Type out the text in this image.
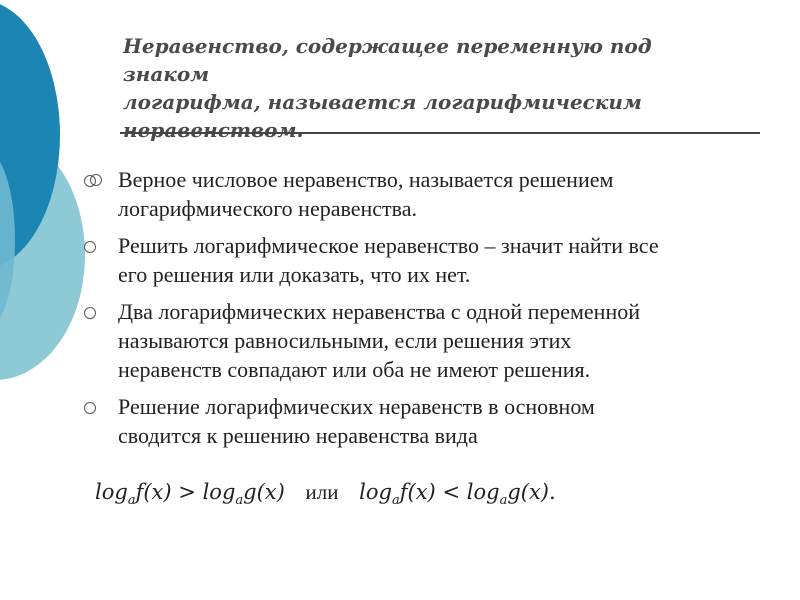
Неравенство, содержащее переменную под знаком
логарифма, называется логарифмическим
неравенством.
Верное числовое неравенство, называется решением
логарифмического неравенства.
Решить логарифмическое неравенство – значит найти все
его решения или доказать, что их нет.
Два логарифмических неравенства с одной переменной
называются равносильными, если решения этих
неравенств совпадают или оба не имеют решения.
Решение логарифмических неравенств в основном
сводится к решению неравенства вида
$\log_af(x) > \log_ag(x)$ или $\log_af(x) < \log_ag(x)$.
